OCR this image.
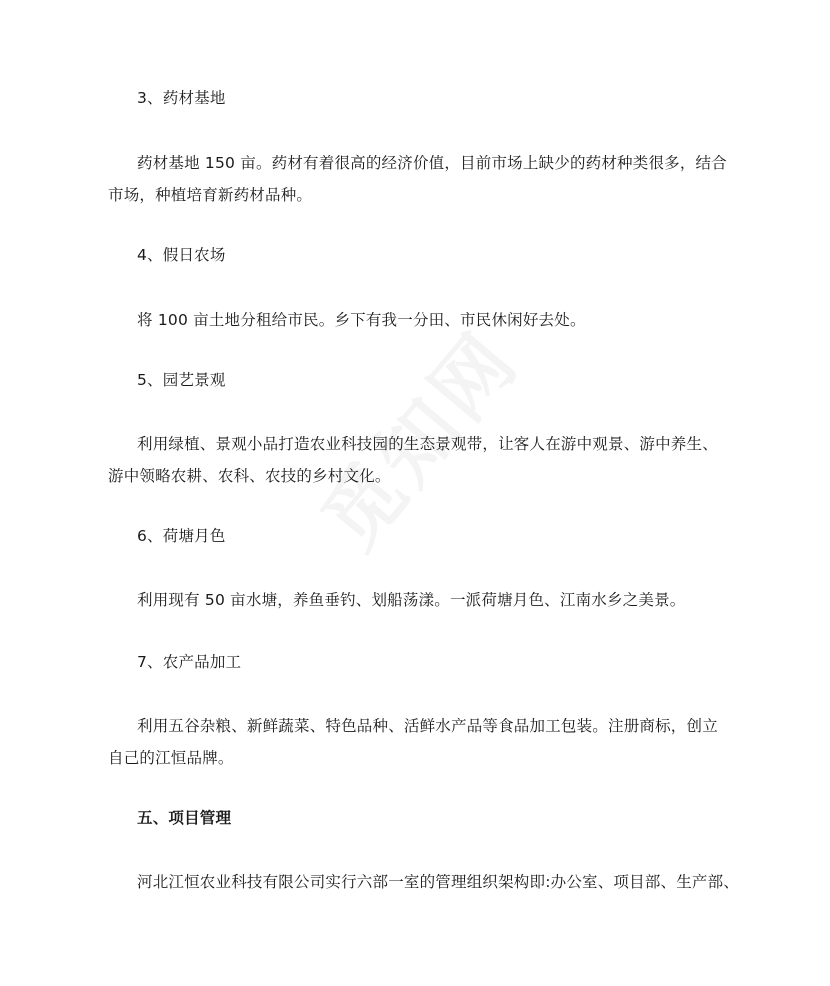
3、药材基地
药材基地 150 亩。药材有着很高的经济价值，目前市场上缺少的药材种类很多，结合
市场，种植培育新药材品种。
4、假日农场
将 100 亩土地分租给市民。乡下有我一分田、市民休闲好去处。
5、园艺景观
利用绿植、景观小品打造农业科技园的生态景观带，让客人在游中观景、游中养生、
游中领略农耕、农科、农技的乡村文化。
6、荷塘月色
利用现有 50 亩水塘，养鱼垂钓、划船荡漾。一派荷塘月色、江南水乡之美景。
7、农产品加工
利用五谷杂粮、新鲜蔬菜、特色品种、活鲜水产品等食品加工包装。注册商标，创立
自己的江恒品牌。
五、项目管理
河北江恒农业科技有限公司实行六部一室的管理组织架构即:办公室、项目部、生产部、
